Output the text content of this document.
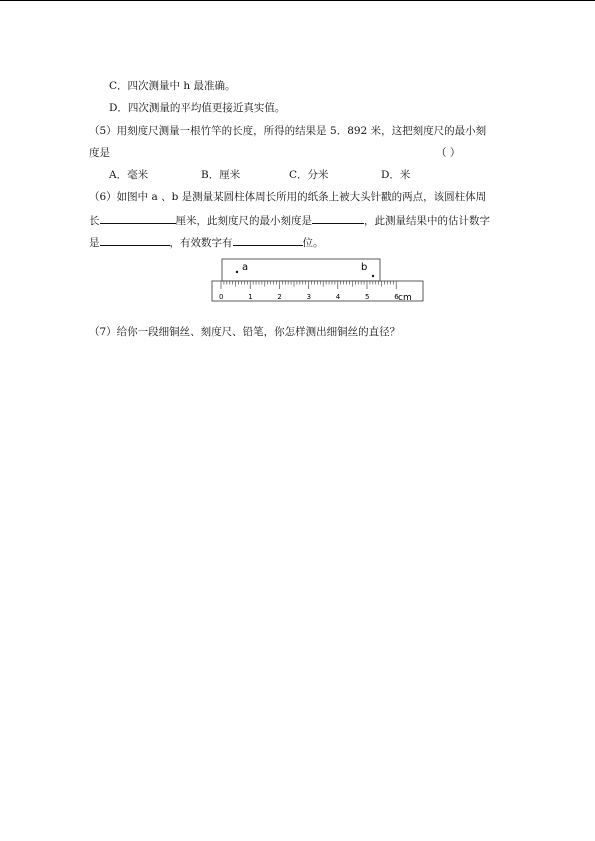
C．四次测量中 h 最准确。
D．四次测量的平均值更接近真实值。
（5）用刻度尺测量一根竹竿的长度，所得的结果是 5．892 米，这把刻度尺的最小刻
度是	（ ）
A．毫米	B．厘米	C．分米	D．米
（6）如图中 a 、b 是测量某圆柱体周长所用的纸条上被大头针戳的两点，该圆柱体周
长	厘米，此刻度尺的最小刻度是	，此测量结果中的估计数字
是	，有效数字有	位。
a	b
0	1	2	3	4	5	6 cm
（7）给你一段细铜丝、刻度尺、铅笔，你怎样测出细铜丝的直径？
